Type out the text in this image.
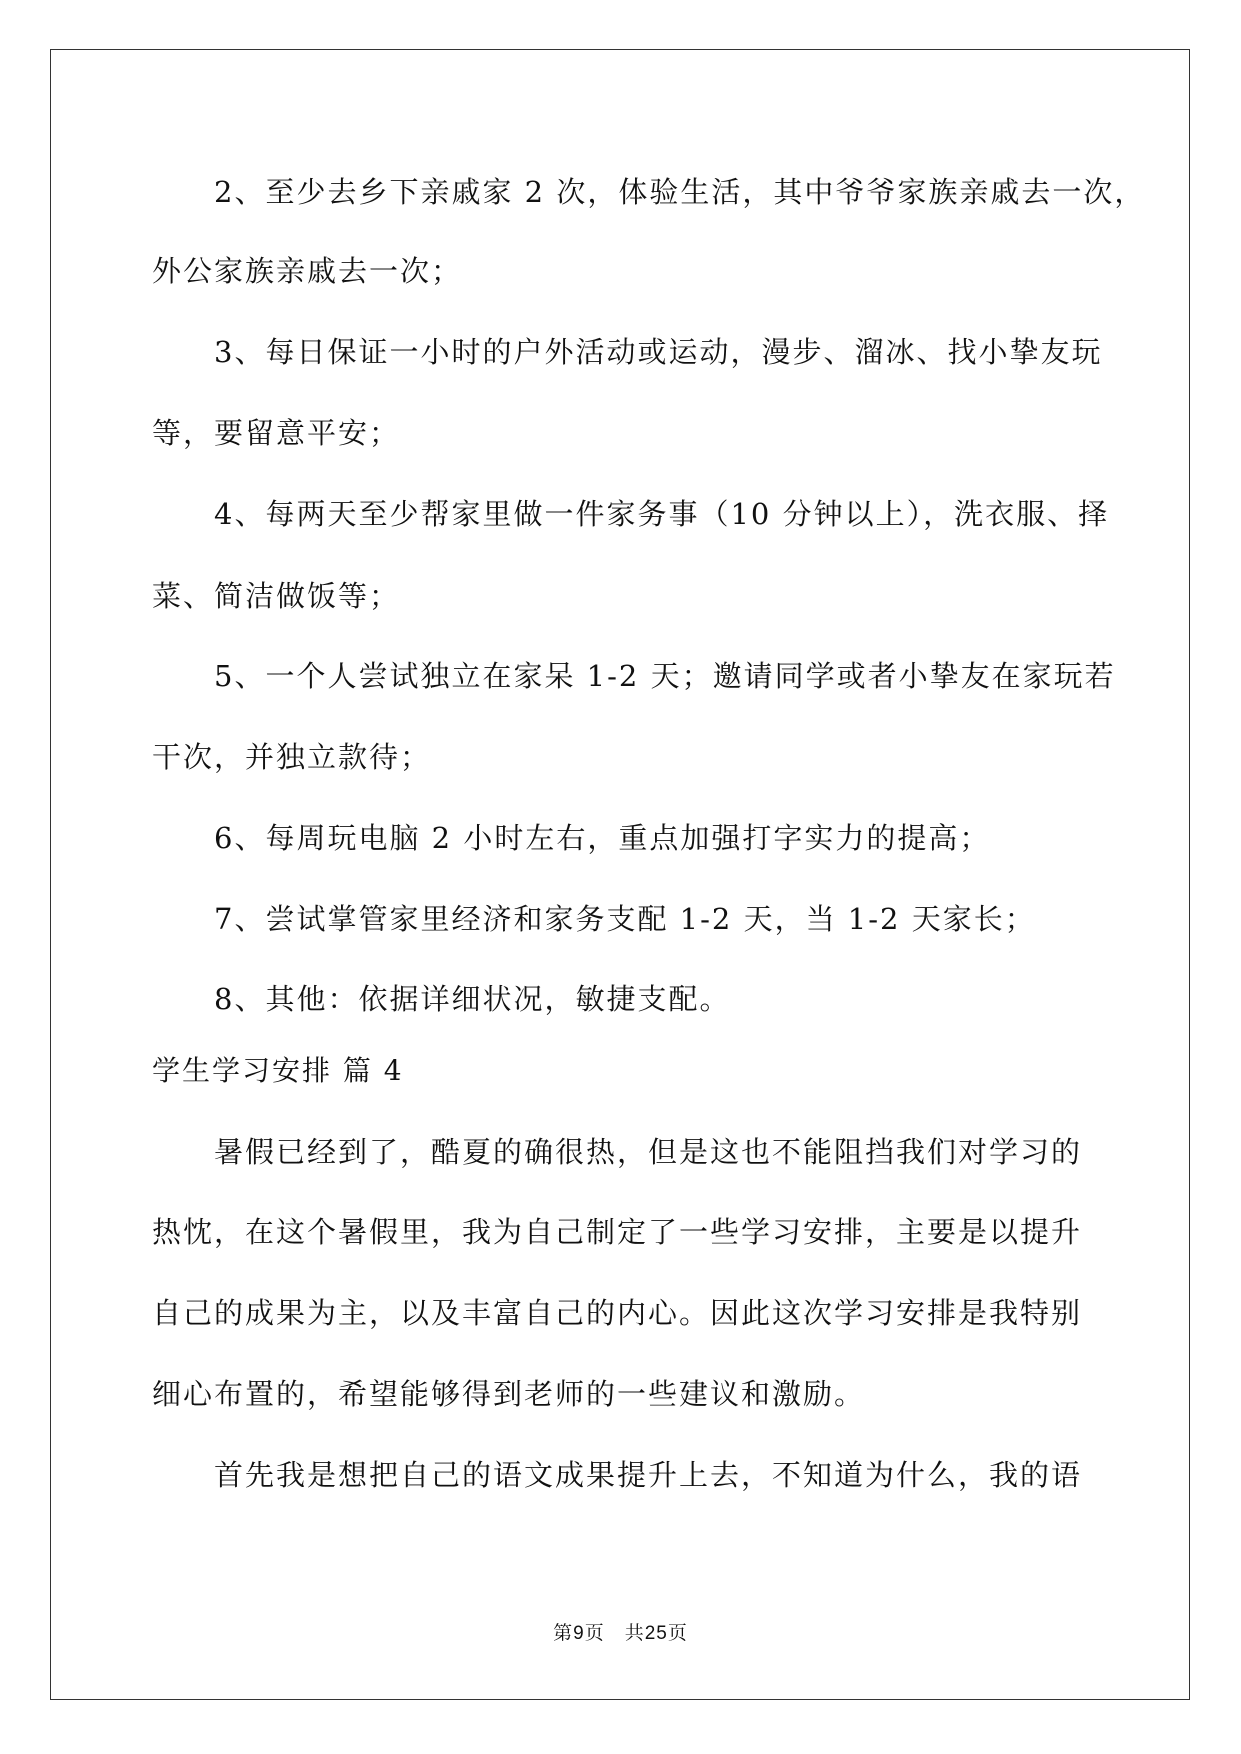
2、至少去乡下亲戚家 2 次，体验生活，其中爷爷家族亲戚去一次，
外公家族亲戚去一次；
3、每日保证一小时的户外活动或运动，漫步、溜冰、找小挚友玩
等，要留意平安；
4、每两天至少帮家里做一件家务事（10 分钟以上），洗衣服、择
菜、简洁做饭等；
5、一个人尝试独立在家呆 1-2 天；邀请同学或者小挚友在家玩若
干次，并独立款待；
6、每周玩电脑 2 小时左右，重点加强打字实力的提高；
7、尝试掌管家里经济和家务支配 1-2 天，当 1-2 天家长；
8、其他：依据详细状况，敏捷支配。
学生学习安排 篇 4
暑假已经到了，酷夏的确很热，但是这也不能阻挡我们对学习的
热忱，在这个暑假里，我为自己制定了一些学习安排，主要是以提升
自己的成果为主，以及丰富自己的内心。因此这次学习安排是我特别
细心布置的，希望能够得到老师的一些建议和激励。
首先我是想把自己的语文成果提升上去，不知道为什么，我的语
第9页　共25页
